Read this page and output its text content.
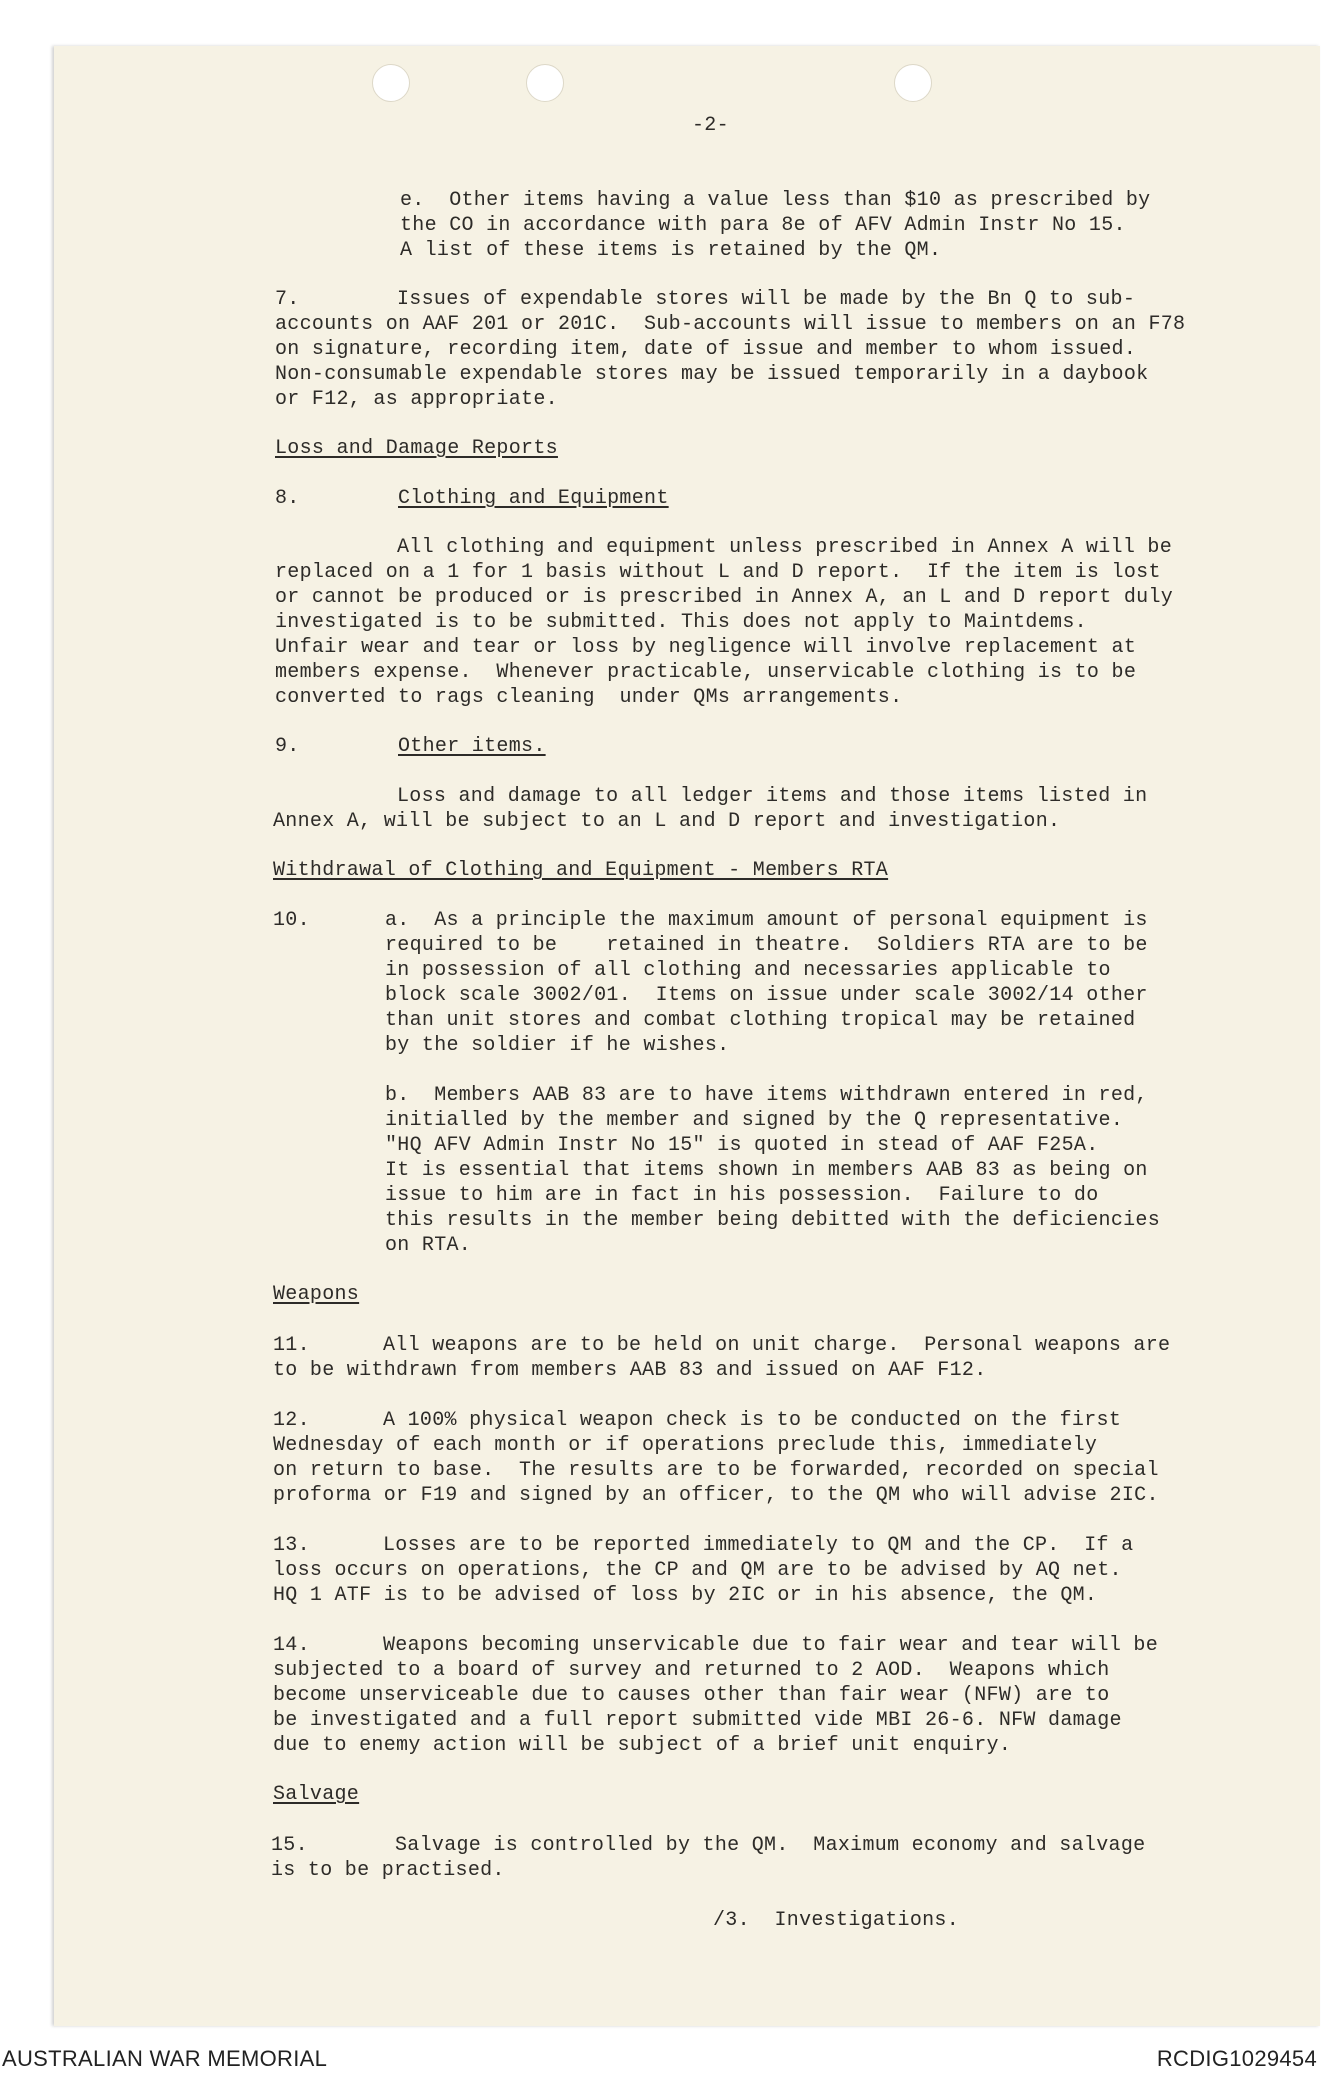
-2-
e.  Other items having a value less than $10 as prescribed by
the CO in accordance with para 8e of AFV Admin Instr No 15.
A list of these items is retained by the QM.
7.	Issues of expendable stores will be made by the Bn Q to sub-
accounts on AAF 201 or 201C.  Sub-accounts will issue to members on an F78
on signature, recording item, date of issue and member to whom issued.
Non-consumable expendable stores may be issued temporarily in a daybook
or F12, as appropriate.
Loss and Damage Reports
8.	Clothing and Equipment
All clothing and equipment unless prescribed in Annex A will be
replaced on a 1 for 1 basis without L and D report.  If the item is lost
or cannot be produced or is prescribed in Annex A, an L and D report duly
investigated is to be submitted. This does not apply to Maintdems.
Unfair wear and tear or loss by negligence will involve replacement at
members expense.  Whenever practicable, unservicable clothing is to be
converted to rags cleaning  under QMs arrangements.
9.	Other items.
Loss and damage to all ledger items and those items listed in
Annex A, will be subject to an L and D report and investigation.
Withdrawal of Clothing and Equipment - Members RTA
10.	a.  As a principle the maximum amount of personal equipment is
required to be    retained in theatre.  Soldiers RTA are to be
in possession of all clothing and necessaries applicable to
block scale 3002/01.  Items on issue under scale 3002/14 other
than unit stores and combat clothing tropical may be retained
by the soldier if he wishes.
b.  Members AAB 83 are to have items withdrawn entered in red,
initialled by the member and signed by the Q representative.
"HQ AFV Admin Instr No 15" is quoted in stead of AAF F25A.
It is essential that items shown in members AAB 83 as being on
issue to him are in fact in his possession.  Failure to do
this results in the member being debitted with the deficiencies
on RTA.
Weapons
11.	All weapons are to be held on unit charge.  Personal weapons are
to be withdrawn from members AAB 83 and issued on AAF F12.
12.	A 100% physical weapon check is to be conducted on the first
Wednesday of each month or if operations preclude this, immediately
on return to base.  The results are to be forwarded, recorded on special
proforma or F19 and signed by an officer, to the QM who will advise 2IC.
13.	Losses are to be reported immediately to QM and the CP.  If a
loss occurs on operations, the CP and QM are to be advised by AQ net.
HQ 1 ATF is to be advised of loss by 2IC or in his absence, the QM.
14.	Weapons becoming unservicable due to fair wear and tear will be
subjected to a board of survey and returned to 2 AOD.  Weapons which
become unserviceable due to causes other than fair wear (NFW) are to
be investigated and a full report submitted vide MBI 26-6. NFW damage
due to enemy action will be subject of a brief unit enquiry.
Salvage
15.	Salvage is controlled by the QM.  Maximum economy and salvage
is to be practised.
/3.  Investigations.
AUSTRALIAN WAR MEMORIAL	RCDIG1029454
